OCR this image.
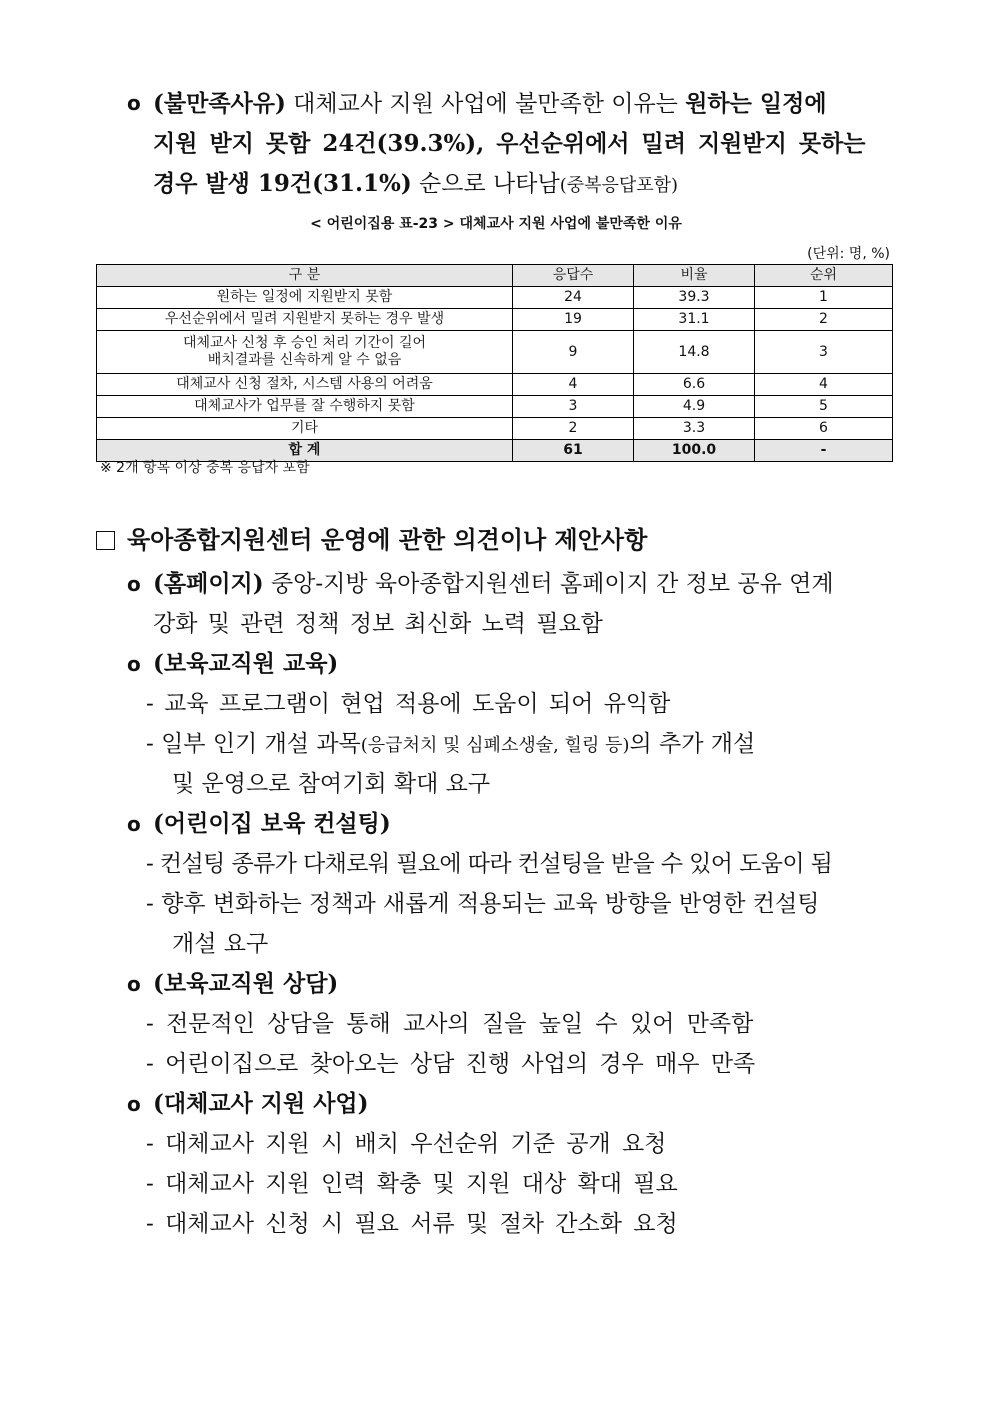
o (불만족사유) 대체교사 지원 사업에 불만족한 이유는 원하는 일정에
지원 받지 못함 24건(39.3%), 우선순위에서 밀려 지원받지 못하는
경우 발생 19건(31.1%) 순으로 나타남(중복응답포함)
< 어린이집용 표-23 > 대체교사 지원 사업에 불만족한 이유
(단위: 명, %)
구 분	응답수	비율	순위
원하는 일정에 지원받지 못함	24	39.3	1
우선순위에서 밀려 지원받지 못하는 경우 발생	19	31.1	2

대체교사 신청 후 승인 처리 기간이 길어
배치결과를 신속하게 알 수 없음	9	14.8	3
대체교사 신청 절차, 시스템 사용의 어려움	4	6.6	4
대체교사가 업무를 잘 수행하지 못함	3	4.9	5
기타	2	3.3	6
합 계	61	100.0	-
※ 2개 항목 이상 중복 응답자 포함
육아종합지원센터 운영에 관한 의견이나 제안사항
o (홈페이지) 중앙-지방 육아종합지원센터 홈페이지 간 정보 공유 연계
강화 및 관련 정책 정보 최신화 노력 필요함
o (보육교직원 교육)
- 교육 프로그램이 현업 적용에 도움이 되어 유익함
- 일부 인기 개설 과목(응급처치 및 심폐소생술, 힐링 등)의 추가 개설
및 운영으로 참여기회 확대 요구
o (어린이집 보육 컨설팅)
- 컨설팅 종류가 다채로워 필요에 따라 컨설팅을 받을 수 있어 도움이 됨
- 향후 변화하는 정책과 새롭게 적용되는 교육 방향을 반영한 컨설팅
개설 요구
o (보육교직원 상담)
- 전문적인 상담을 통해 교사의 질을 높일 수 있어 만족함
- 어린이집으로 찾아오는 상담 진행 사업의 경우 매우 만족
o (대체교사 지원 사업)
- 대체교사 지원 시 배치 우선순위 기준 공개 요청
- 대체교사 지원 인력 확충 및 지원 대상 확대 필요
- 대체교사 신청 시 필요 서류 및 절차 간소화 요청
